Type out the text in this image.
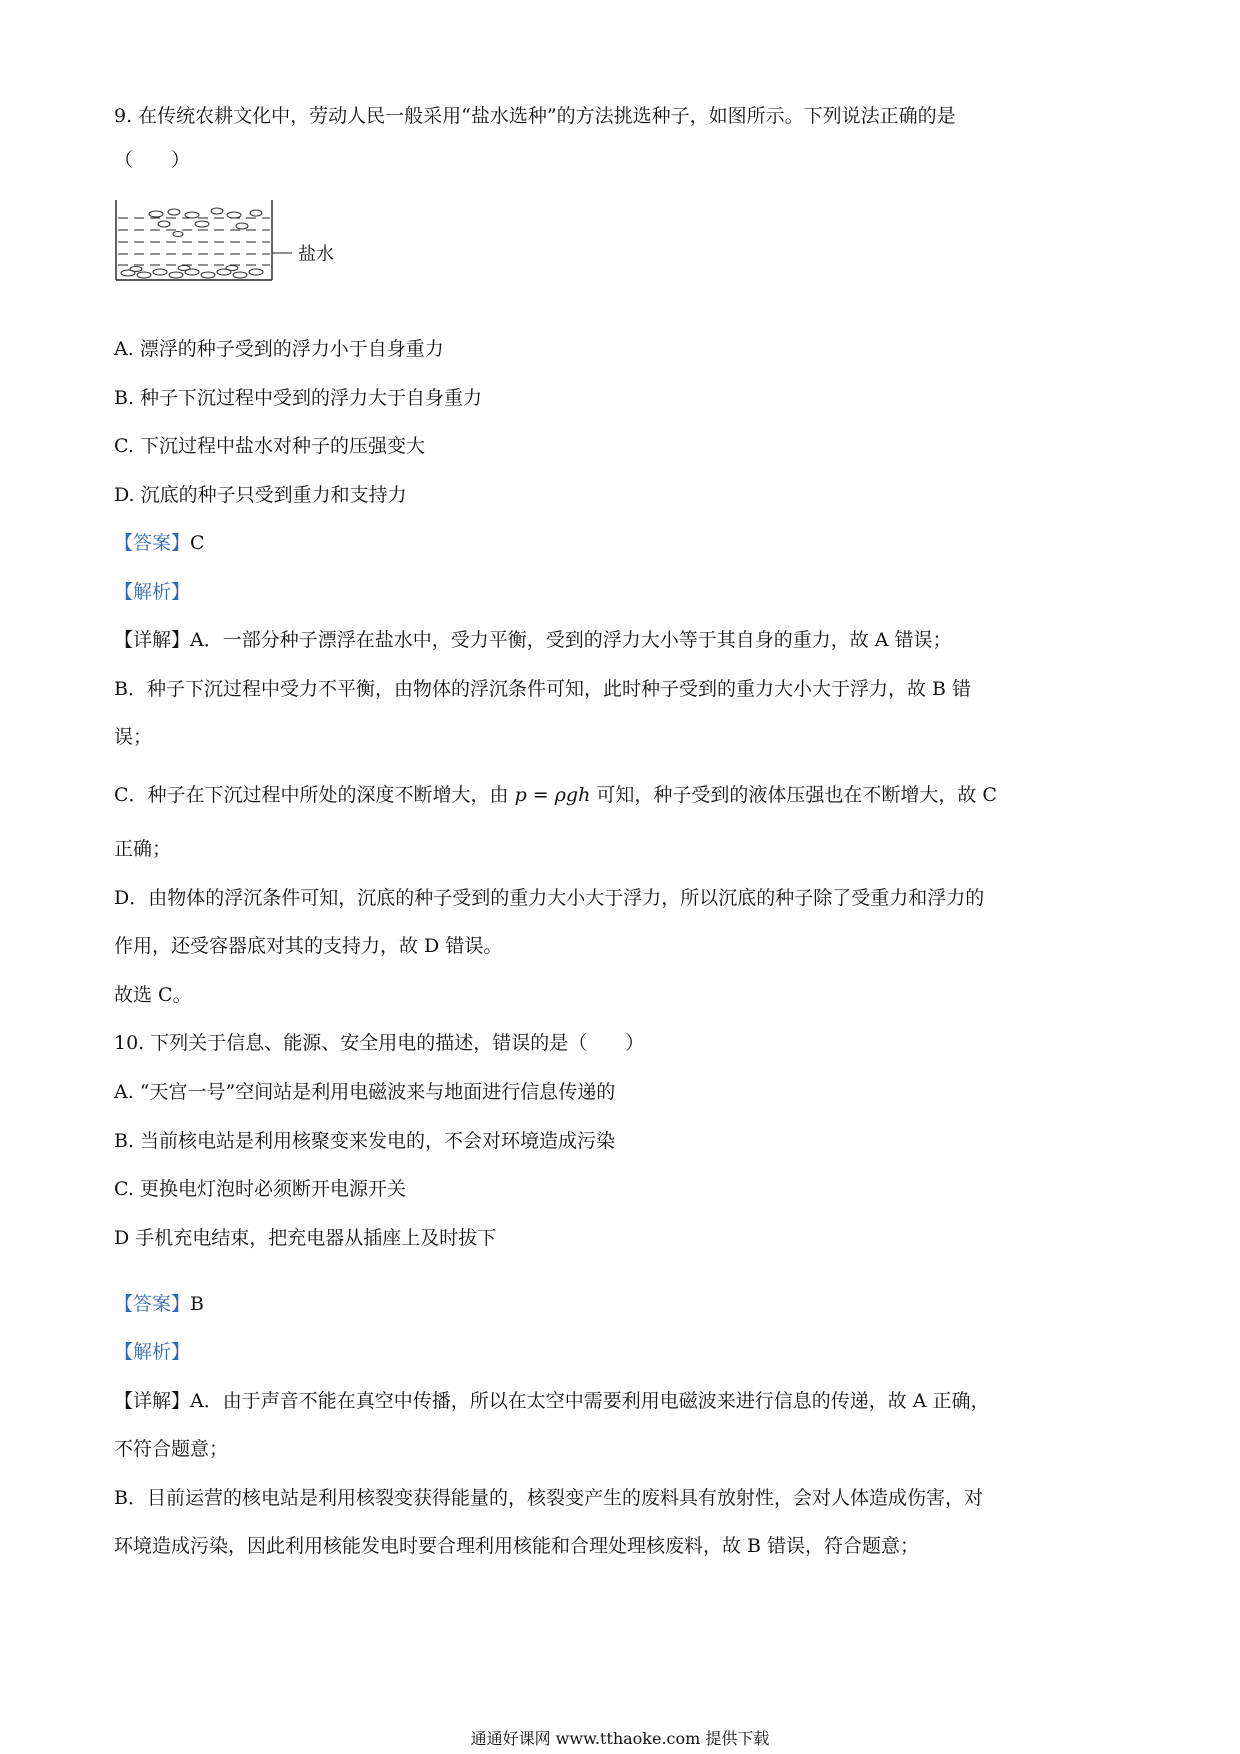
9. 在传统农耕文化中，劳动人民一般采用“盐水选种”的方法挑选种子，如图所示。下列说法正确的是
（　　）
盐水
A. 漂浮的种子受到的浮力小于自身重力
B. 种子下沉过程中受到的浮力大于自身重力
C. 下沉过程中盐水对种子的压强变大
D. 沉底的种子只受到重力和支持力
【答案】C
【解析】
【详解】A．一部分种子漂浮在盐水中，受力平衡，受到的浮力大小等于其自身的重力，故 A 错误；
B．种子下沉过程中受力不平衡，由物体的浮沉条件可知，此时种子受到的重力大小大于浮力，故 B 错
误；
C．种子在下沉过程中所处的深度不断增大，由 p = ρgh 可知，种子受到的液体压强也在不断增大，故 C
正确；
D．由物体的浮沉条件可知，沉底的种子受到的重力大小大于浮力，所以沉底的种子除了受重力和浮力的
作用，还受容器底对其的支持力，故 D 错误。
故选 C。
10. 下列关于信息、能源、安全用电的描述，错误的是（　　）
A. “天宫一号”空间站是利用电磁波来与地面进行信息传递的
B. 当前核电站是利用核聚变来发电的，不会对环境造成污染
C. 更换电灯泡时必须断开电源开关
D 手机充电结束，把充电器从插座上及时拔下
【答案】B
【解析】
【详解】A．由于声音不能在真空中传播，所以在太空中需要利用电磁波来进行信息的传递，故 A 正确，
不符合题意；
B．目前运营的核电站是利用核裂变获得能量的，核裂变产生的废料具有放射性，会对人体造成伤害，对
环境造成污染，因此利用核能发电时要合理利用核能和合理处理核废料，故 B 错误，符合题意；
通通好课网 www.tthaoke.com 提供下载
